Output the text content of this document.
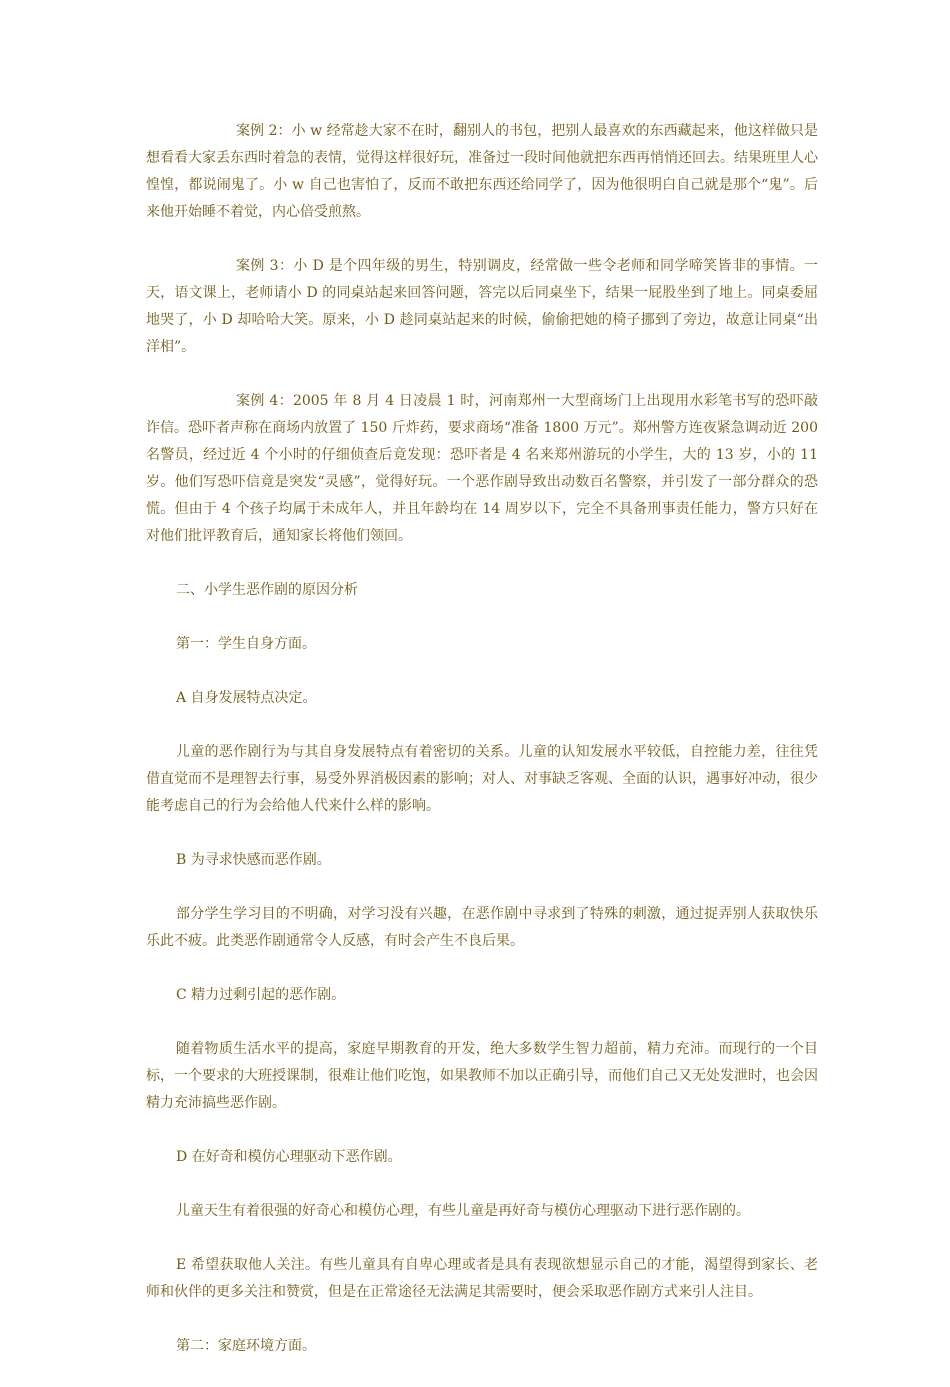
案例 2：小 w 经常趁大家不在时，翻别人的书包，把别人最喜欢的东西藏起来，他这样做只是想看看大家丢东西时着急的表情，觉得这样很好玩，准备过一段时间他就把东西再悄悄还回去。结果班里人心惶惶，都说闹鬼了。小 w 自己也害怕了，反而不敢把东西还给同学了，因为他很明白自己就是那个“鬼”。后来他开始睡不着觉，内心倍受煎熬。

案例 3：小 D 是个四年级的男生，特别调皮，经常做一些令老师和同学啼笑皆非的事情。一天，语文课上，老师请小 D 的同桌站起来回答问题，答完以后同桌坐下，结果一屁股坐到了地上。同桌委屈地哭了，小 D 却哈哈大笑。原来，小 D 趁同桌站起来的时候，偷偷把她的椅子挪到了旁边，故意让同桌“出洋相”。

案例 4：2005 年 8 月 4 日凌晨 1 时，河南郑州一大型商场门上出现用水彩笔书写的恐吓敲诈信。恐吓者声称在商场内放置了 150 斤炸药，要求商场“准备 1800 万元”。郑州警方连夜紧急调动近 200 名警员，经过近 4 个小时的仔细侦查后竟发现：恐吓者是 4 名来郑州游玩的小学生，大的 13 岁，小的 11 岁。他们写恐吓信竟是突发“灵感”，觉得好玩。一个恶作剧导致出动数百名警察，并引发了一部分群众的恐慌。但由于 4 个孩子均属于未成年人，并且年龄均在 14 周岁以下，完全不具备刑事责任能力，警方只好在对他们批评教育后，通知家长将他们领回。

二、小学生恶作剧的原因分析

第一：学生自身方面。

A 自身发展特点决定。

儿童的恶作剧行为与其自身发展特点有着密切的关系。儿童的认知发展水平较低，自控能力差，往往凭借直觉而不是理智去行事，易受外界消极因素的影响；对人、对事缺乏客观、全面的认识，遇事好冲动，很少能考虑自己的行为会给他人代来什么样的影响。

B 为寻求快感而恶作剧。

部分学生学习目的不明确，对学习没有兴趣，在恶作剧中寻求到了特殊的刺激，通过捉弄别人获取快乐乐此不疲。此类恶作剧通常令人反感，有时会产生不良后果。

C 精力过剩引起的恶作剧。

随着物质生活水平的提高，家庭早期教育的开发，绝大多数学生智力超前，精力充沛。而现行的一个目标，一个要求的大班授课制，很难让他们吃饱，如果教师不加以正确引导，而他们自己又无处发泄时，也会因精力充沛搞些恶作剧。

D 在好奇和模仿心理驱动下恶作剧。

儿童天生有着很强的好奇心和模仿心理，有些儿童是再好奇与模仿心理驱动下进行恶作剧的。

E 希望获取他人关注。有些儿童具有自卑心理或者是具有表现欲想显示自己的才能，渴望得到家长、老师和伙伴的更多关注和赞赏，但是在正常途径无法满足其需要时，便会采取恶作剧方式来引人注目。

第二：家庭环境方面。
